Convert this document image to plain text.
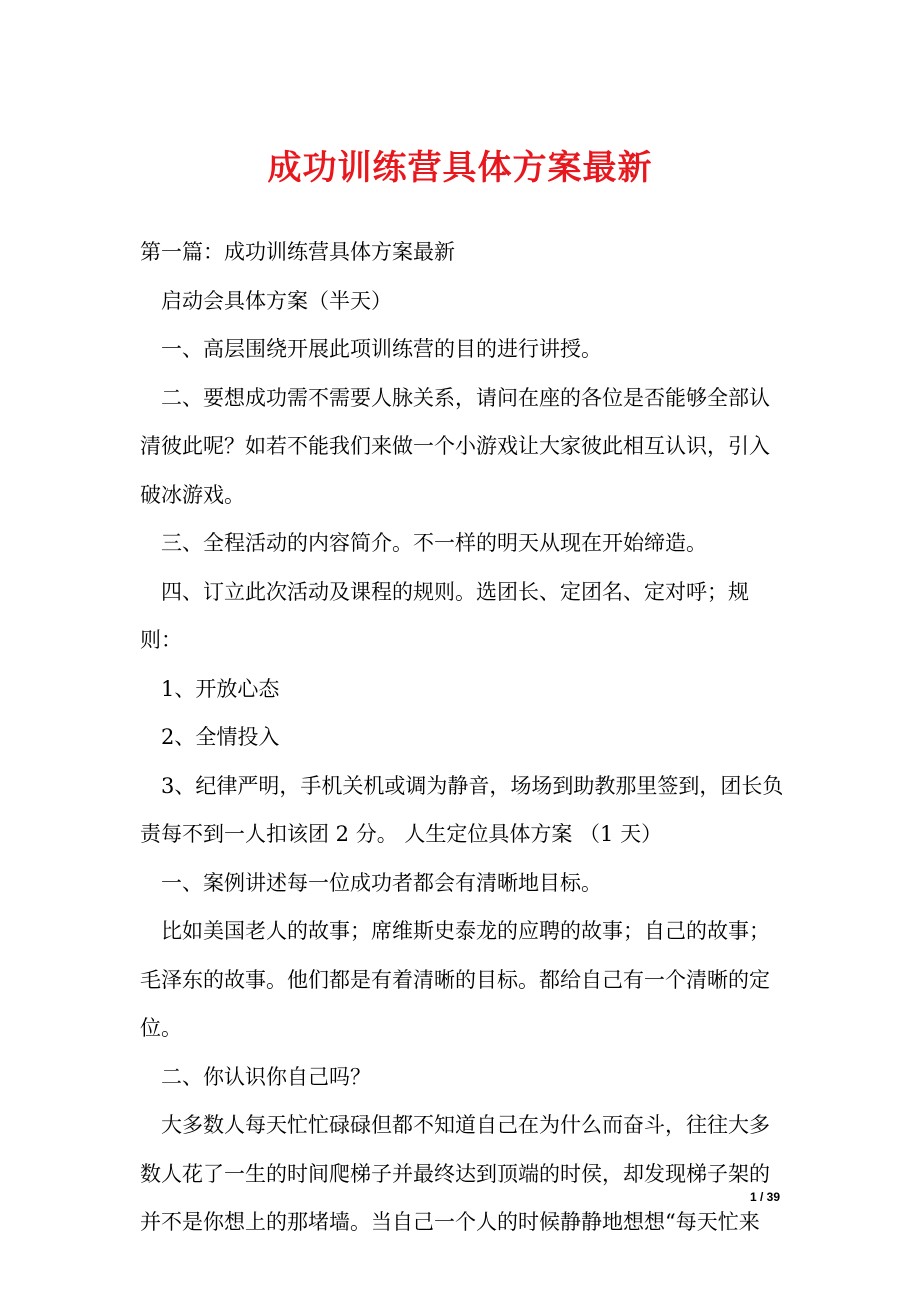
成功训练营具体方案最新

第一篇：成功训练营具体方案最新

启动会具体方案（半天）

一、高层围绕开展此项训练营的目的进行讲授。

二、要想成功需不需要人脉关系，请问在座的各位是否能够全部认清彼此呢？如若不能我们来做一个小游戏让大家彼此相互认识，引入破冰游戏。

三、全程活动的内容简介。不一样的明天从现在开始缔造。

四、订立此次活动及课程的规则。选团长、定团名、定对呼；规则：

1、开放心态

2、全情投入

3、纪律严明，手机关机或调为静音，场场到助教那里签到，团长负责每不到一人扣该团 2 分。 人生定位具体方案 （1 天）

一、案例讲述每一位成功者都会有清晰地目标。

比如美国老人的故事；席维斯史泰龙的应聘的故事；自己的故事；毛泽东的故事。他们都是有着清晰的目标。都给自己有一个清晰的定位。

二、你认识你自己吗？

大多数人每天忙忙碌碌但都不知道自己在为什么而奋斗，往往大多数人花了一生的时间爬梯子并最终达到顶端的时侯，却发现梯子架的并不是你想上的那堵墙。当自己一个人的时候静静地想想“每天忙来

1 / 39
